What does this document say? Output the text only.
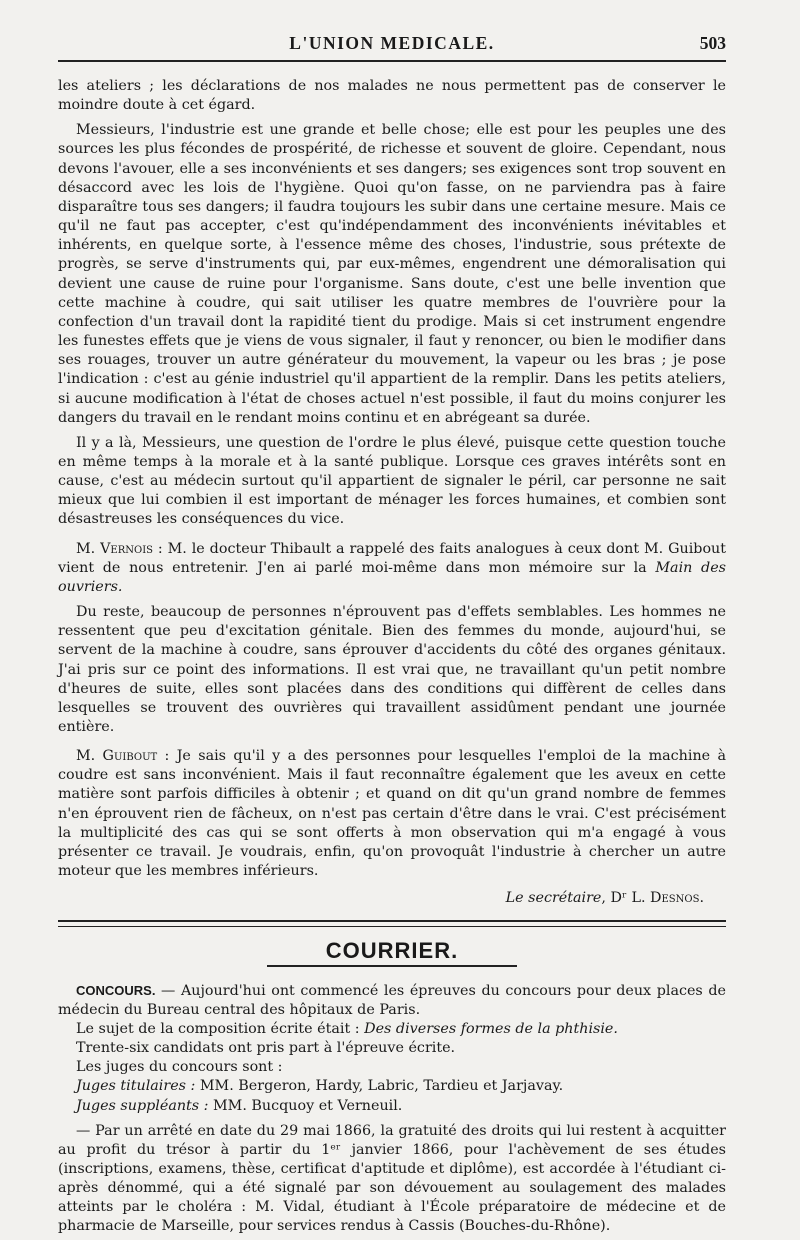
L'UNION MEDICALE.	503

les ateliers ; les déclarations de nos malades ne nous permettent pas de conserver le moindre doute à cet égard.

Messieurs, l'industrie est une grande et belle chose; elle est pour les peuples une des sources les plus fécondes de prospérité, de richesse et souvent de gloire. Cependant, nous devons l'avouer, elle a ses inconvénients et ses dangers; ses exigences sont trop souvent en désaccord avec les lois de l'hygiène. Quoi qu'on fasse, on ne parviendra pas à faire disparaître tous ses dangers; il faudra toujours les subir dans une certaine mesure. Mais ce qu'il ne faut pas accepter, c'est qu'indépendamment des inconvénients inévitables et inhérents, en quelque sorte, à l'essence même des choses, l'industrie, sous prétexte de progrès, se serve d'instruments qui, par eux-mêmes, engendrent une démoralisation qui devient une cause de ruine pour l'organisme. Sans doute, c'est une belle invention que cette machine à coudre, qui sait utiliser les quatre membres de l'ouvrière pour la confection d'un travail dont la rapidité tient du prodige. Mais si cet instrument engendre les funestes effets que je viens de vous signaler, il faut y renoncer, ou bien le modifier dans ses rouages, trouver un autre générateur du mouvement, la vapeur ou les bras ; je pose l'indication : c'est au génie industriel qu'il appartient de la remplir. Dans les petits ateliers, si aucune modification à l'état de choses actuel n'est possible, il faut du moins conjurer les dangers du travail en le rendant moins continu et en abrégeant sa durée.

Il y a là, Messieurs, une question de l'ordre le plus élevé, puisque cette question touche en même temps à la morale et à la santé publique. Lorsque ces graves intérêts sont en cause, c'est au médecin surtout qu'il appartient de signaler le péril, car personne ne sait mieux que lui combien il est important de ménager les forces humaines, et combien sont désastreuses les conséquences du vice.

M. Vernois : M. le docteur Thibault a rappelé des faits analogues à ceux dont M. Guibout vient de nous entretenir. J'en ai parlé moi-même dans mon mémoire sur la Main des ouvriers.

Du reste, beaucoup de personnes n'éprouvent pas d'effets semblables. Les hommes ne ressentent que peu d'excitation génitale. Bien des femmes du monde, aujourd'hui, se servent de la machine à coudre, sans éprouver d'accidents du côté des organes génitaux. J'ai pris sur ce point des informations. Il est vrai que, ne travaillant qu'un petit nombre d'heures de suite, elles sont placées dans des conditions qui diffèrent de celles dans lesquelles se trouvent des ouvrières qui travaillent assidûment pendant une journée entière.

M. Guibout : Je sais qu'il y a des personnes pour lesquelles l'emploi de la machine à coudre est sans inconvénient. Mais il faut reconnaître également que les aveux en cette matière sont parfois difficiles à obtenir ; et quand on dit qu'un grand nombre de femmes n'en éprouvent rien de fâcheux, on n'est pas certain d'être dans le vrai. C'est précisément la multiplicité des cas qui se sont offerts à mon observation qui m'a engagé à vous présenter ce travail. Je voudrais, enfin, qu'on provoquât l'industrie à chercher un autre moteur que les membres inférieurs.

Le secrétaire, Dʳ L. Desnos.
COURRIER.

CONCOURS. — Aujourd'hui ont commencé les épreuves du concours pour deux places de médecin du Bureau central des hôpitaux de Paris.

Le sujet de la composition écrite était : Des diverses formes de la phthisie.
Trente-six candidats ont pris part à l'épreuve écrite.
Les juges du concours sont :
Juges titulaires : MM. Bergeron, Hardy, Labric, Tardieu et Jarjavay.
Juges suppléants : MM. Bucquoy et Verneuil.

— Par un arrêté en date du 29 mai 1866, la gratuité des droits qui lui restent à acquitter au profit du trésor à partir du 1ᵉʳ janvier 1866, pour l'achèvement de ses études (inscriptions, examens, thèse, certificat d'aptitude et diplôme), est accordée à l'étudiant ci-après dénommé, qui a été signalé par son dévouement au soulagement des malades atteints par le choléra : M. Vidal, étudiant à l'École préparatoire de médecine et de pharmacie de Marseille, pour services rendus à Cassis (Bouches-du-Rhône).
